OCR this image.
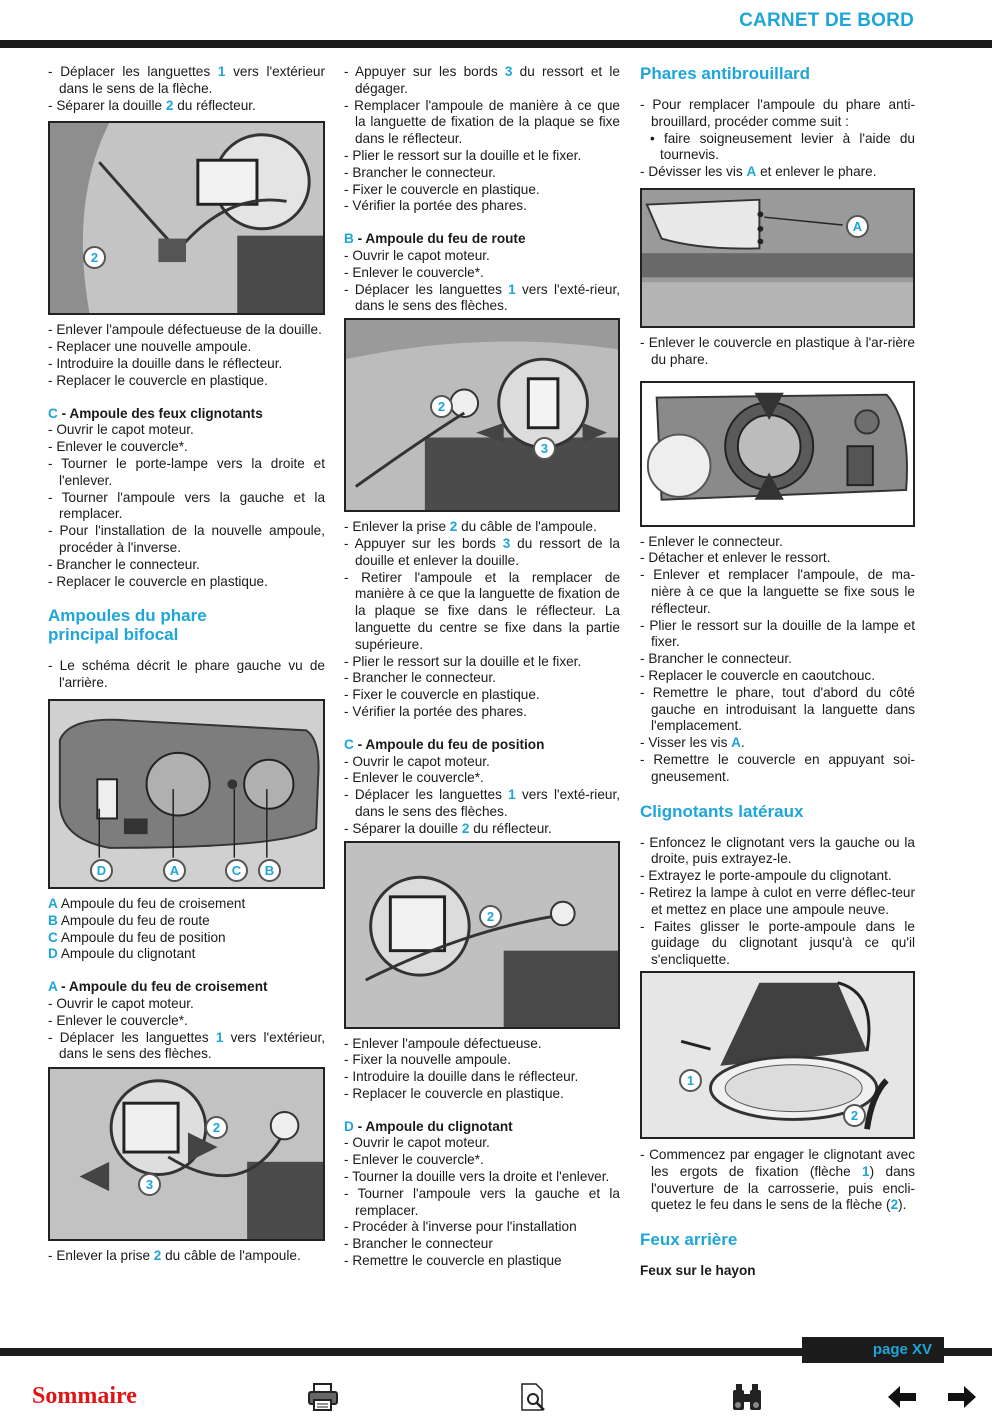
CARNET DE BORD
- Déplacer les languettes 1 vers l'extérieur dans le sens de la flèche.
- Séparer la douille 2 du réflecteur.
2
- Enlever l'ampoule défectueuse de la douille.
- Replacer une nouvelle ampoule.
- Introduire la douille dans le réflecteur.
- Replacer le couvercle en plastique.
C - Ampoule des feux clignotants
- Ouvrir le capot moteur.
- Enlever le couvercle*.
- Tourner le porte-lampe vers la droite et l'enlever.
- Tourner l'ampoule vers la gauche et la remplacer.
- Pour l'installation de la nouvelle ampoule, procéder à l'inverse.
- Brancher le connecteur.
- Replacer le couvercle en plastique.
Ampoules du phare
principal bifocal
- Le schéma décrit le phare gauche vu de l'arrière.
D	A	C	B
A Ampoule du feu de croisement
B Ampoule du feu de route
C Ampoule du feu de position
D Ampoule du clignotant
A - Ampoule du feu de croisement
- Ouvrir le capot moteur.
- Enlever le couvercle*.
- Déplacer les languettes 1 vers l'extérieur, dans le sens des flèches.
2
3
- Enlever la prise 2 du câble de l'ampoule.
- Appuyer sur les bords 3 du ressort et le dégager.
- Remplacer l'ampoule de manière à ce que la languette de fixation de la plaque se fixe dans le réflecteur.
- Plier le ressort sur la douille et le fixer.
- Brancher le connecteur.
- Fixer le couvercle en plastique.
- Vérifier la portée des phares.
B - Ampoule du feu de route
- Ouvrir le capot moteur.
- Enlever le couvercle*.
- Déplacer les languettes 1 vers l'exté-rieur, dans le sens des flèches.
2
3
- Enlever la prise 2 du câble de l'ampoule.
- Appuyer sur les bords 3 du ressort de la douille et enlever la douille.
- Retirer l'ampoule et la remplacer de manière à ce que la languette de fixation de la plaque se fixe dans le réflecteur. La languette du centre se fixe dans la partie supérieure.
- Plier le ressort sur la douille et le fixer.
- Brancher le connecteur.
- Fixer le couvercle en plastique.
- Vérifier la portée des phares.
C - Ampoule du feu de position
- Ouvrir le capot moteur.
- Enlever le couvercle*.
- Déplacer les languettes 1 vers l'exté-rieur, dans le sens des flèches.
- Séparer la douille 2 du réflecteur.
2
- Enlever l'ampoule défectueuse.
- Fixer la nouvelle ampoule.
- Introduire la douille dans le réflecteur.
- Replacer le couvercle en plastique.
D - Ampoule du clignotant
- Ouvrir le capot moteur.
- Enlever le couvercle*.
- Tourner la douille vers la droite et l'enlever.
- Tourner l'ampoule vers la gauche et la remplacer.
- Procéder à l'inverse pour l'installation
- Brancher le connecteur
- Remettre le couvercle en plastique
Phares antibrouillard
- Pour remplacer l'ampoule du phare anti-brouillard, procéder comme suit :
• faire soigneusement levier à l'aide du tournevis.
- Dévisser les vis A et enlever le phare.
A
- Enlever le couvercle en plastique à l'ar-rière du phare.
- Enlever le connecteur.
- Détacher et enlever le ressort.
- Enlever et remplacer l'ampoule, de ma-nière à ce que la languette se fixe sous le réflecteur.
- Plier le ressort sur la douille de la lampe et fixer.
- Brancher le connecteur.
- Replacer le couvercle en caoutchouc.
- Remettre le phare, tout d'abord du côté gauche en introduisant la languette dans l'emplacement.
- Visser les vis A.
- Remettre le couvercle en appuyant soi-gneusement.
Clignotants latéraux
- Enfoncez le clignotant vers la gauche ou la droite, puis extrayez-le.
- Extrayez le porte-ampoule du clignotant.
- Retirez la lampe à culot en verre déflec-teur et mettez en place une ampoule neuve.
- Faites glisser le porte-ampoule dans le guidage du clignotant jusqu'à ce qu'il s'encliquette.
1
2
- Commencez par engager le clignotant avec les ergots de fixation (flèche 1) dans l'ouverture de la carrosserie, puis encli-quetez le feu dans le sens de la flèche (2).
Feux arrière
Feux sur le hayon
page XV
Sommaire
